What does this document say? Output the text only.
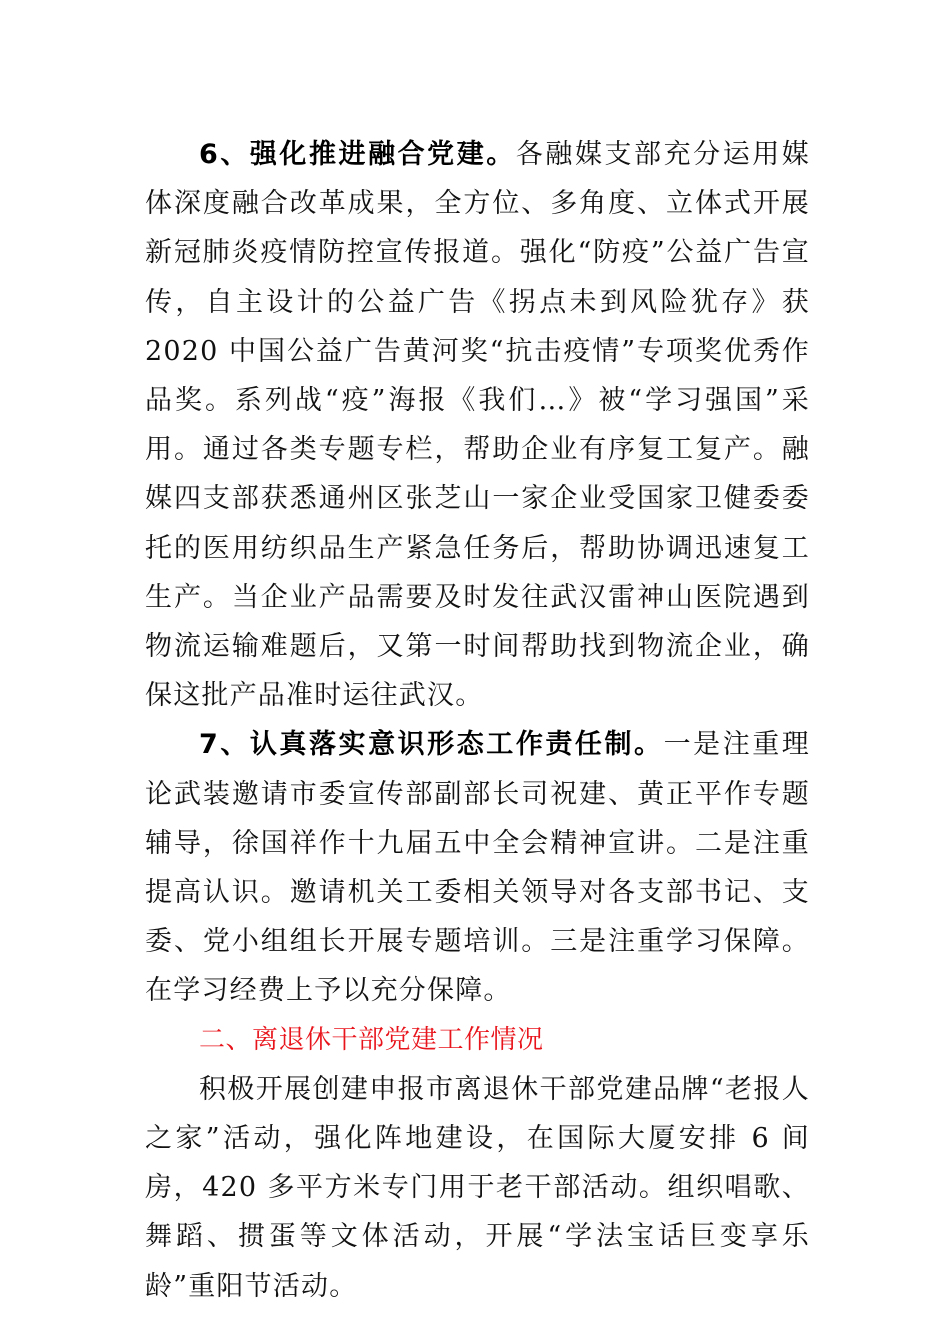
6、强化推进融合党建。各融媒支部充分运用媒体深度融合改革成果，全方位、多角度、立体式开展新冠肺炎疫情防控宣传报道。强化“防疫”公益广告宣传，自主设计的公益广告《拐点未到风险犹存》获 2020 中国公益广告黄河奖“抗击疫情”专项奖优秀作品奖。系列战“疫”海报《我们…》被“学习强国”采用。通过各类专题专栏，帮助企业有序复工复产。融媒四支部获悉通州区张芝山一家企业受国家卫健委委托的医用纺织品生产紧急任务后，帮助协调迅速复工生产。当企业产品需要及时发往武汉雷神山医院遇到物流运输难题后，又第一时间帮助找到物流企业，确保这批产品准时运往武汉。

7、认真落实意识形态工作责任制。一是注重理论武装邀请市委宣传部副部长司祝建、黄正平作专题辅导，徐国祥作十九届五中全会精神宣讲。二是注重提高认识。邀请机关工委相关领导对各支部书记、支委、党小组组长开展专题培训。三是注重学习保障。在学习经费上予以充分保障。

二、离退休干部党建工作情况

积极开展创建申报市离退休干部党建品牌“老报人之家”活动，强化阵地建设，在国际大厦安排 6 间房，420 多平方米专门用于老干部活动。组织唱歌、舞蹈、掼蛋等文体活动，开展“学法宝话巨变享乐龄”重阳节活动。
